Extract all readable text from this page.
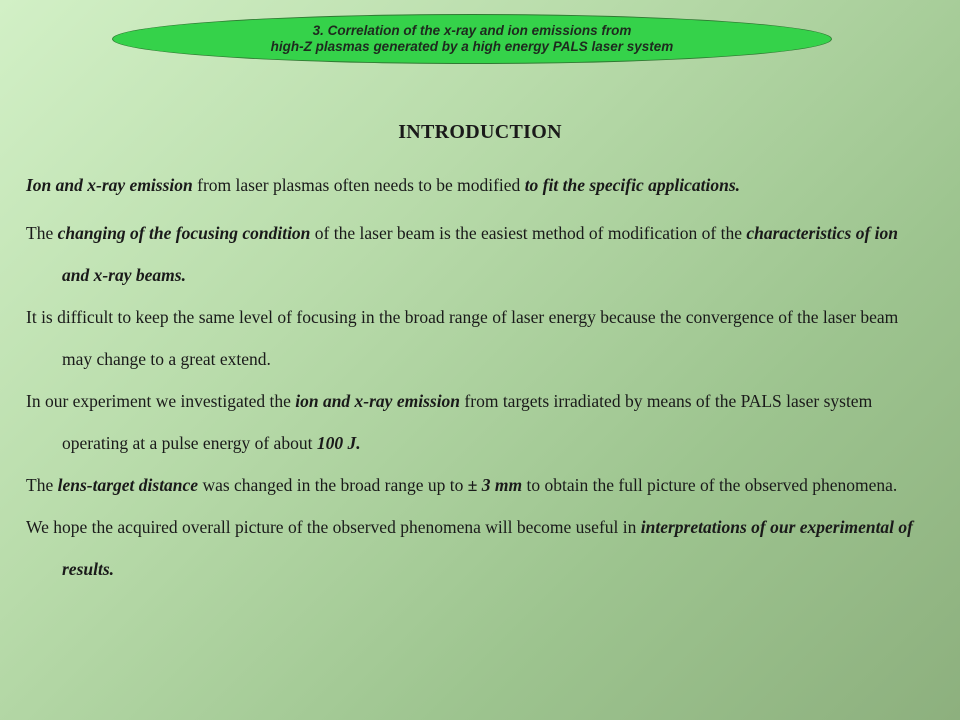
3. Correlation of the x-ray and ion emissions from
high-Z plasmas generated by a high energy PALS laser system
INTRODUCTION

Ion and x-ray emission from laser plasmas often needs to be modified to fit the specific applications.

The changing of the focusing condition of the laser beam is the easiest method of modification of the characteristics of ion and x-ray beams.

It is difficult to keep the same level of focusing in the broad range of laser energy because the convergence of the laser beam may change to a great extend.

In our experiment we investigated the ion and x-ray emission from targets irradiated by means of the PALS laser system operating at a pulse energy of about 100 J.

The lens-target distance was changed in the broad range up to ± 3 mm to obtain the full picture of the observed phenomena.

We hope the acquired overall picture of the observed phenomena will become useful in interpretations of our experimental of results.
